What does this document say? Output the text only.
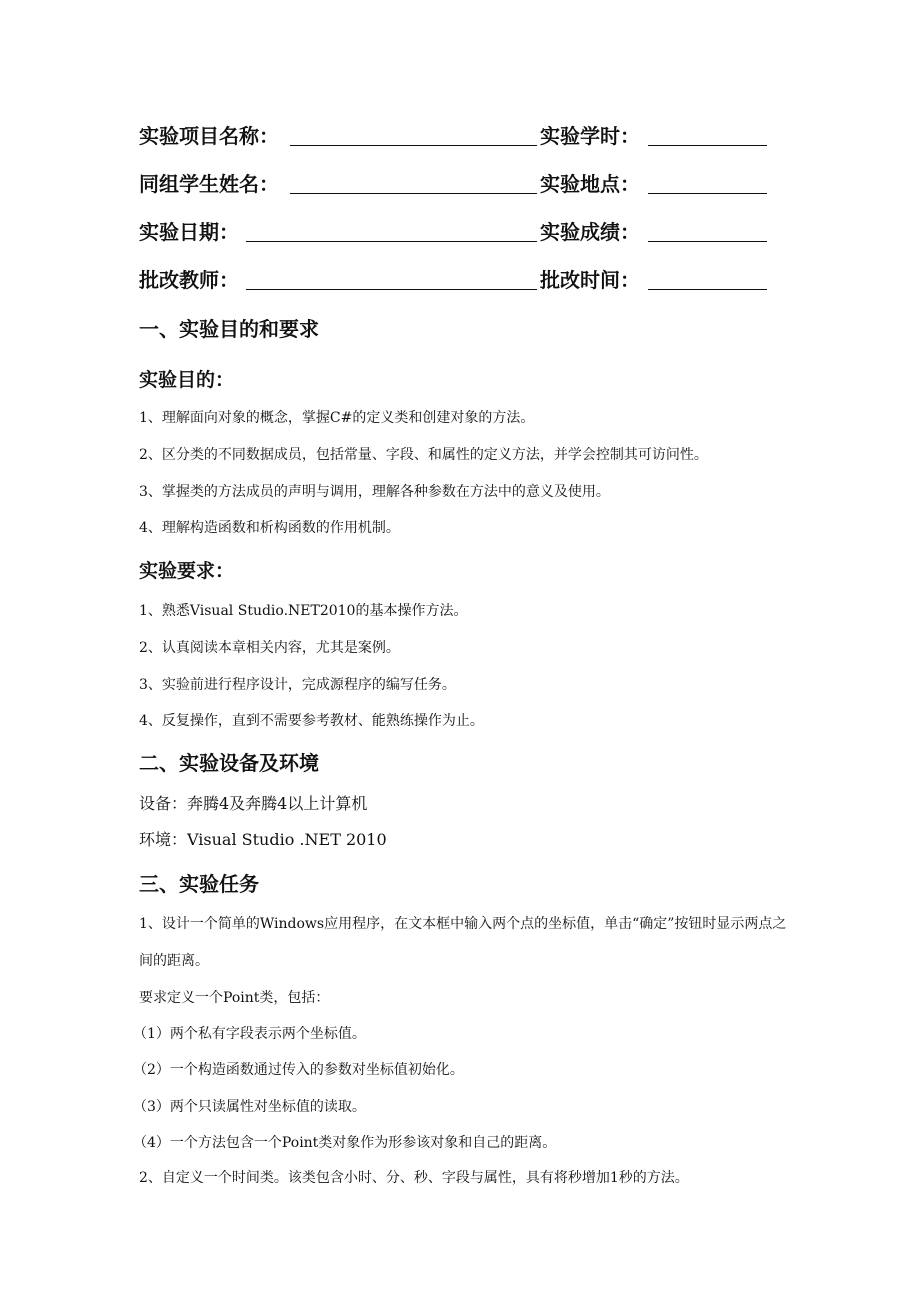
实验项目名称：	实验学时：
同组学生姓名：	实验地点：
实验日期：	实验成绩：
批改教师：	批改时间：
一、实验目的和要求
实验目的：
1、理解面向对象的概念，掌握C#的定义类和创建对象的方法。
2、区分类的不同数据成员，包括常量、字段、和属性的定义方法，并学会控制其可访问性。
3、掌握类的方法成员的声明与调用，理解各种参数在方法中的意义及使用。
4、理解构造函数和析构函数的作用机制。
实验要求：
1、熟悉Visual Studio.NET2010的基本操作方法。
2、认真阅读本章相关内容，尤其是案例。
3、实验前进行程序设计，完成源程序的编写任务。
4、反复操作，直到不需要参考教材、能熟练操作为止。
二、实验设备及环境
设备：奔腾4及奔腾4以上计算机
环境：Visual Studio .NET 2010
三、实验任务
1、设计一个简单的Windows应用程序，在文本框中输入两个点的坐标值，单击“确定”按钮时显示两点之间的距离。
要求定义一个Point类，包括：
（1）两个私有字段表示两个坐标值。
（2）一个构造函数通过传入的参数对坐标值初始化。
（3）两个只读属性对坐标值的读取。
（4）一个方法包含一个Point类对象作为形参该对象和自己的距离。
2、自定义一个时间类。该类包含小时、分、秒、字段与属性，具有将秒增加1秒的方法。
